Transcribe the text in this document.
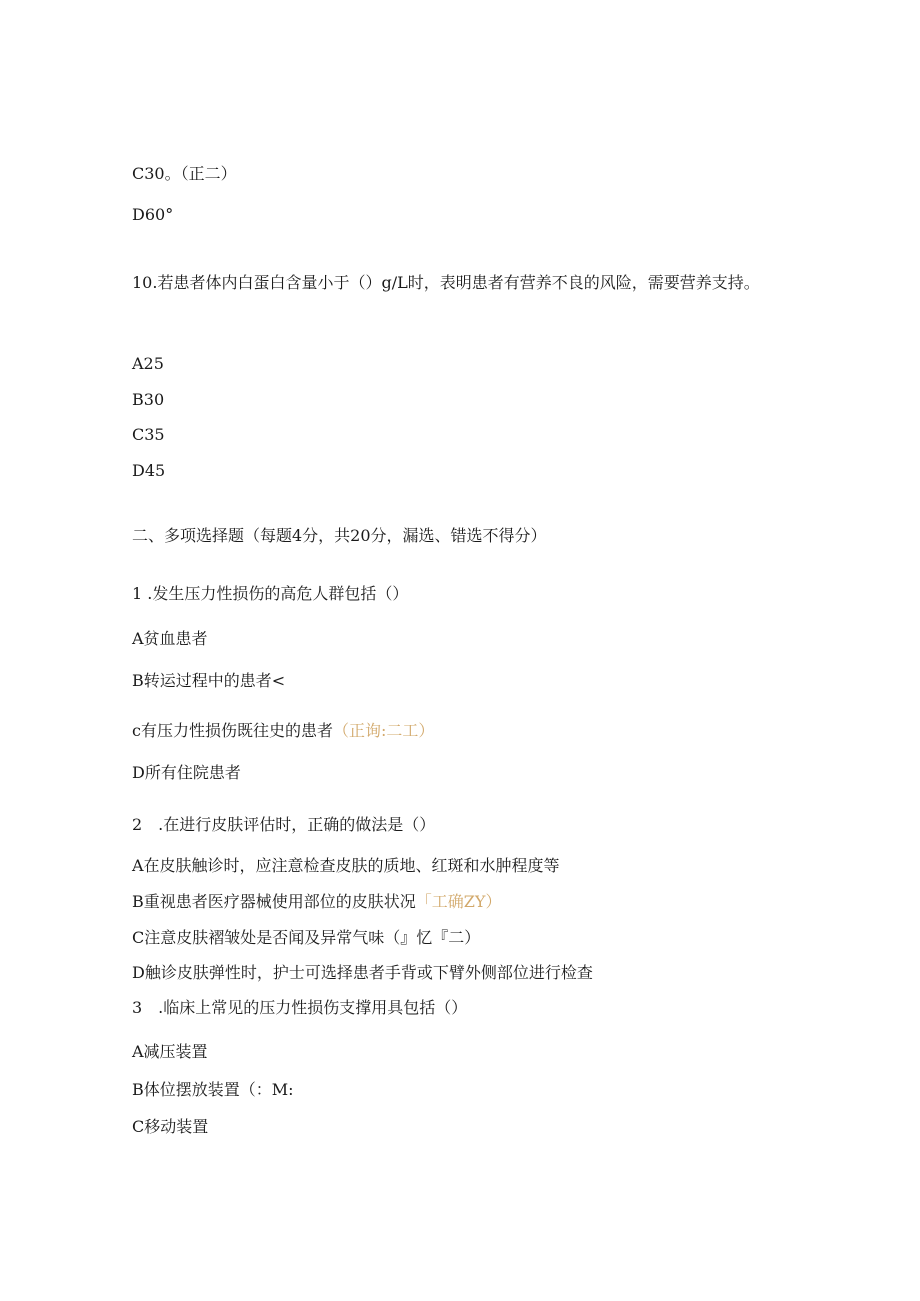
C30。（正二）
D60°
10.若患者体内白蛋白含量小于（）g/L时，表明患者有营养不良的风险，需要营养支持。
A25
B30
C35
D45
二、多项选择题（每题4分，共20分，漏选、错选不得分）
1 .发生压力性损伤的高危人群包括（）
A贫血患者
B转运过程中的患者<
c有压力性损伤既往史的患者（正询:二工）
D所有住院患者
2　.在进行皮肤评估时，正确的做法是（）
A在皮肤触诊时，应注意检查皮肤的质地、红斑和水肿程度等
B重视患者医疗器械使用部位的皮肤状况「工确ZY）
C注意皮肤褶皱处是否闻及异常气味（』忆『二）
D触诊皮肤弹性时，护士可选择患者手背或下臂外侧部位进行检查
3　.临床上常见的压力性损伤支撑用具包括（）
A减压装置
B体位摆放装置（：M:
C移动装置
